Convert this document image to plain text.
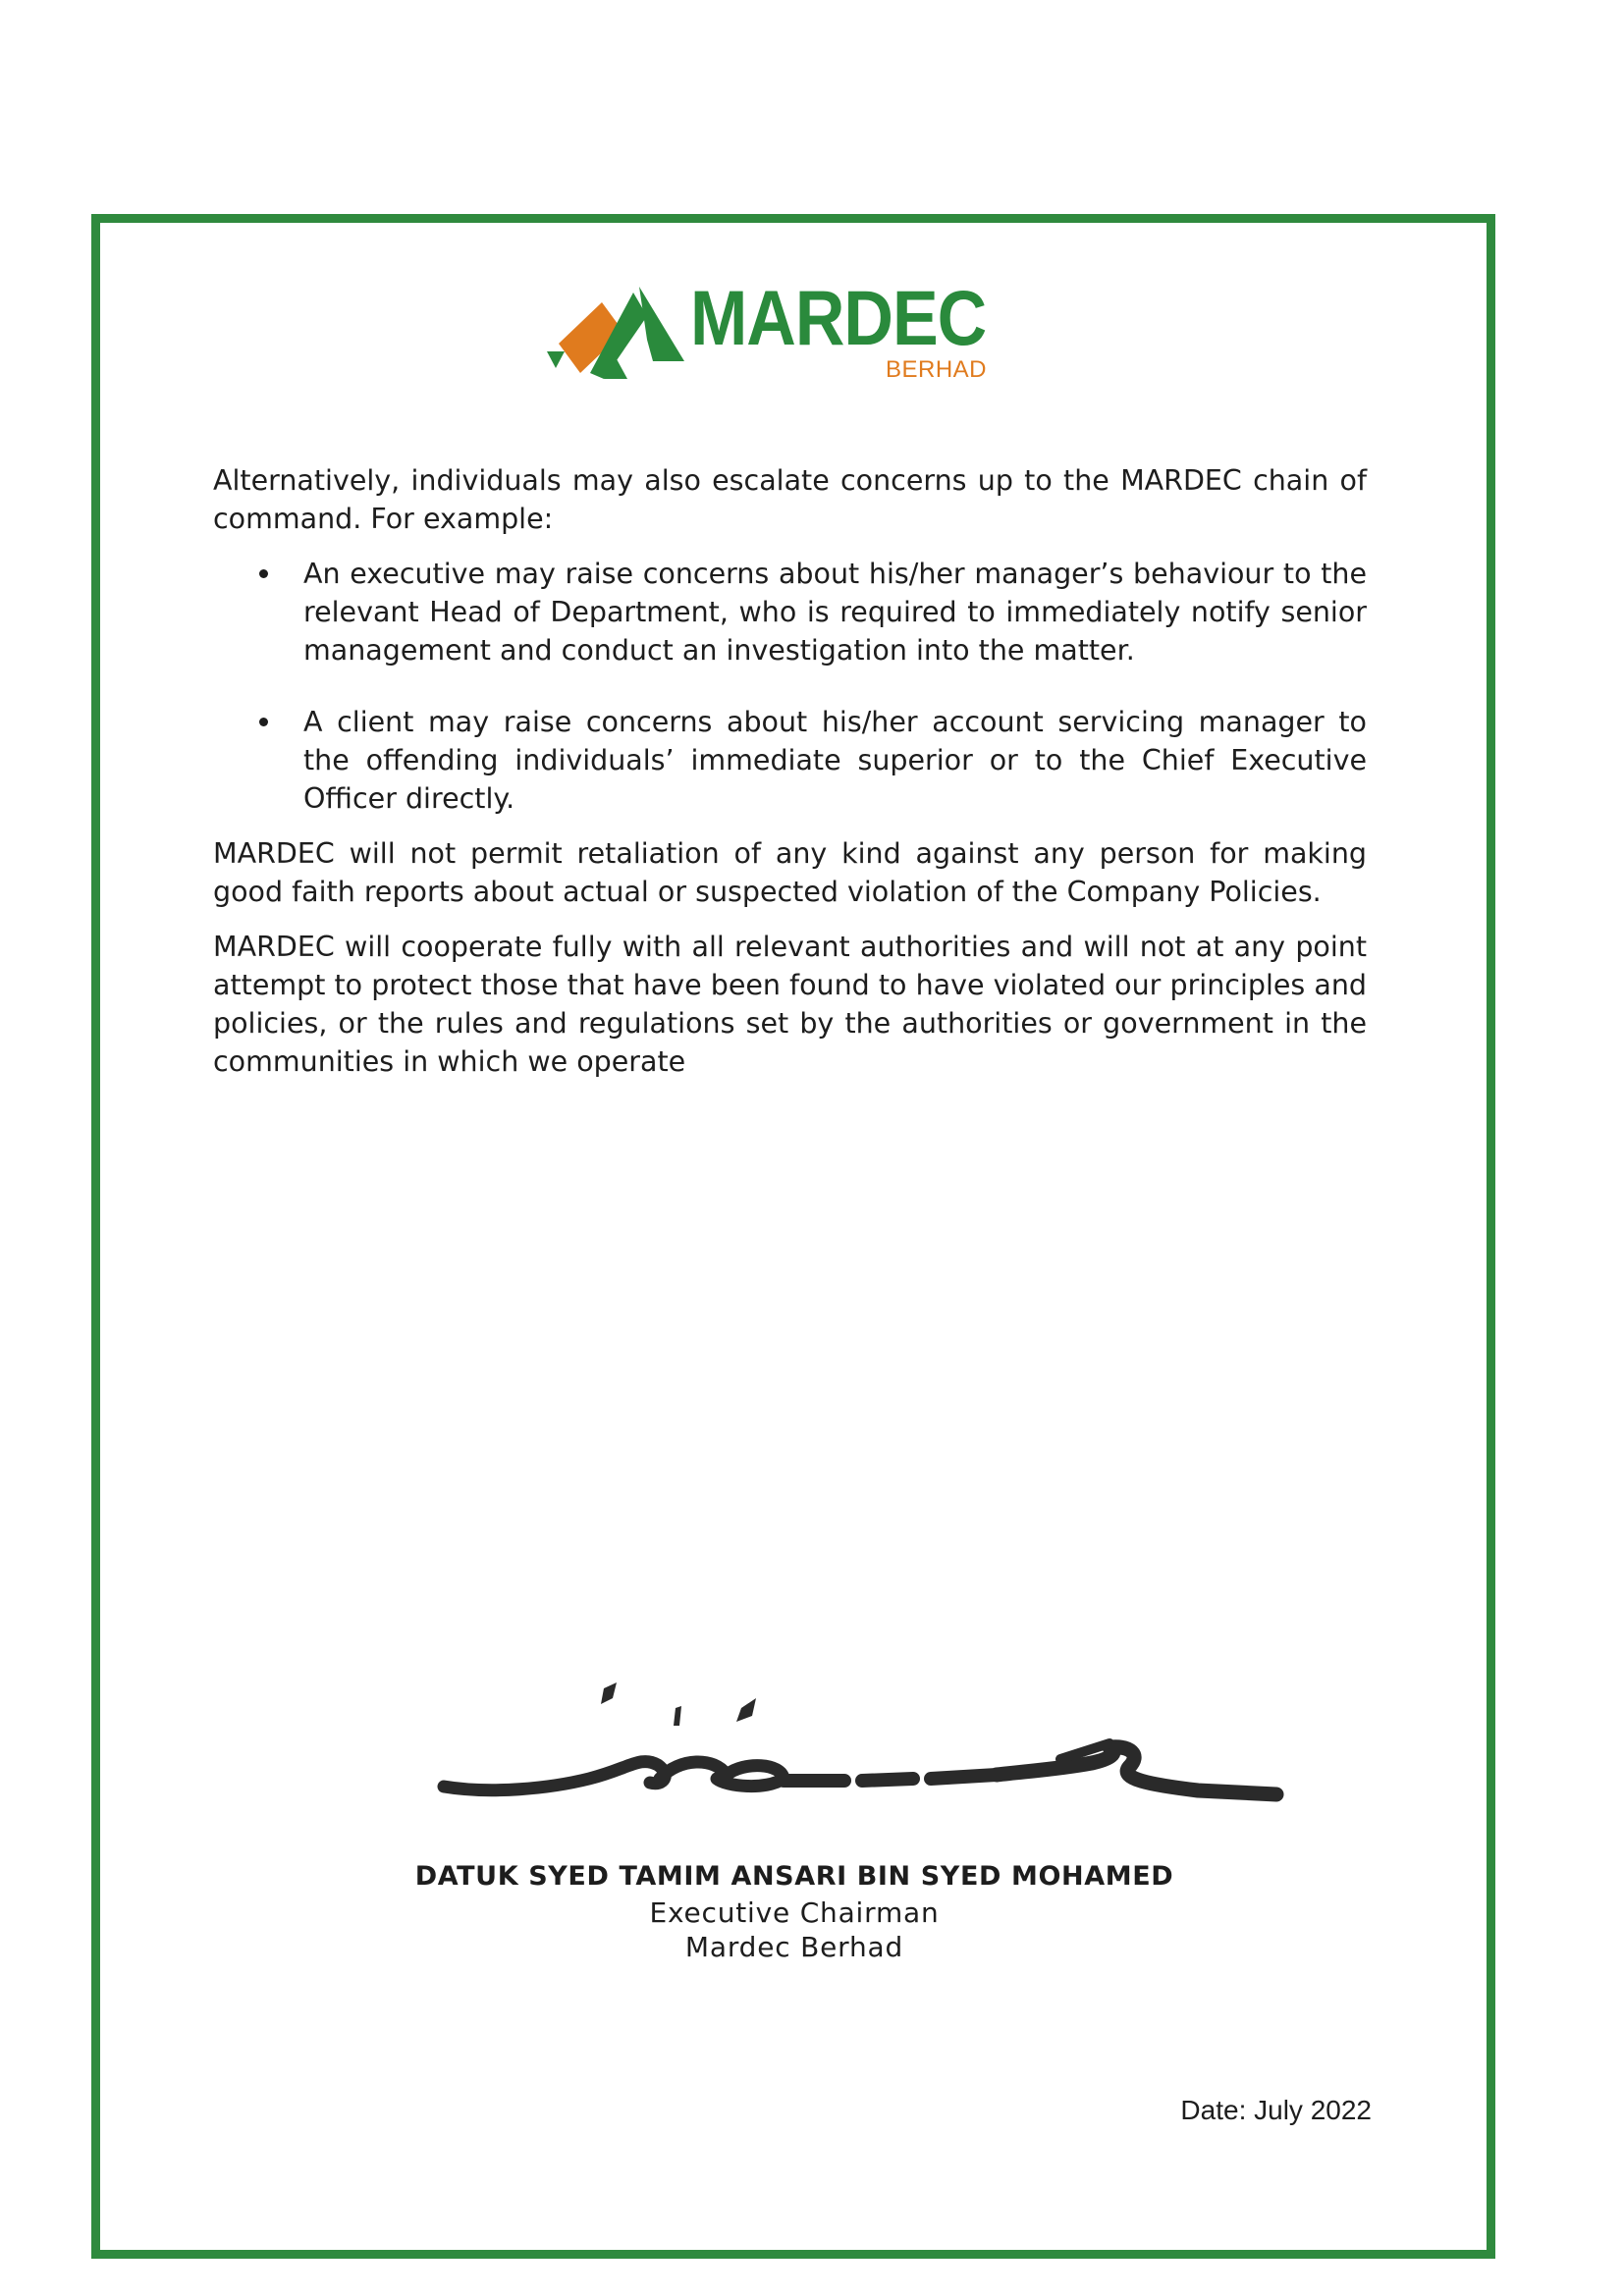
MARDEC
BERHAD

Alternatively, individuals may also escalate concerns up to the MARDEC chain of command. For example:

An executive may raise concerns about his/her manager’s behaviour to the relevant Head of Department, who is required to immediately notify senior management and conduct an investigation into the matter.
A client may raise concerns about his/her account servicing manager to the offending individuals’ immediate superior or to the Chief Executive Officer directly.

MARDEC will not permit retaliation of any kind against any person for making good faith reports about actual or suspected violation of the Company Policies.

MARDEC will cooperate fully with all relevant authorities and will not at any point attempt to protect those that have been found to have violated our principles and policies, or the rules and regulations set by the authorities or government in the communities in which we operate

DATUK SYED TAMIM ANSARI BIN SYED MOHAMED
Executive Chairman
Mardec Berhad
Date: July 2022
